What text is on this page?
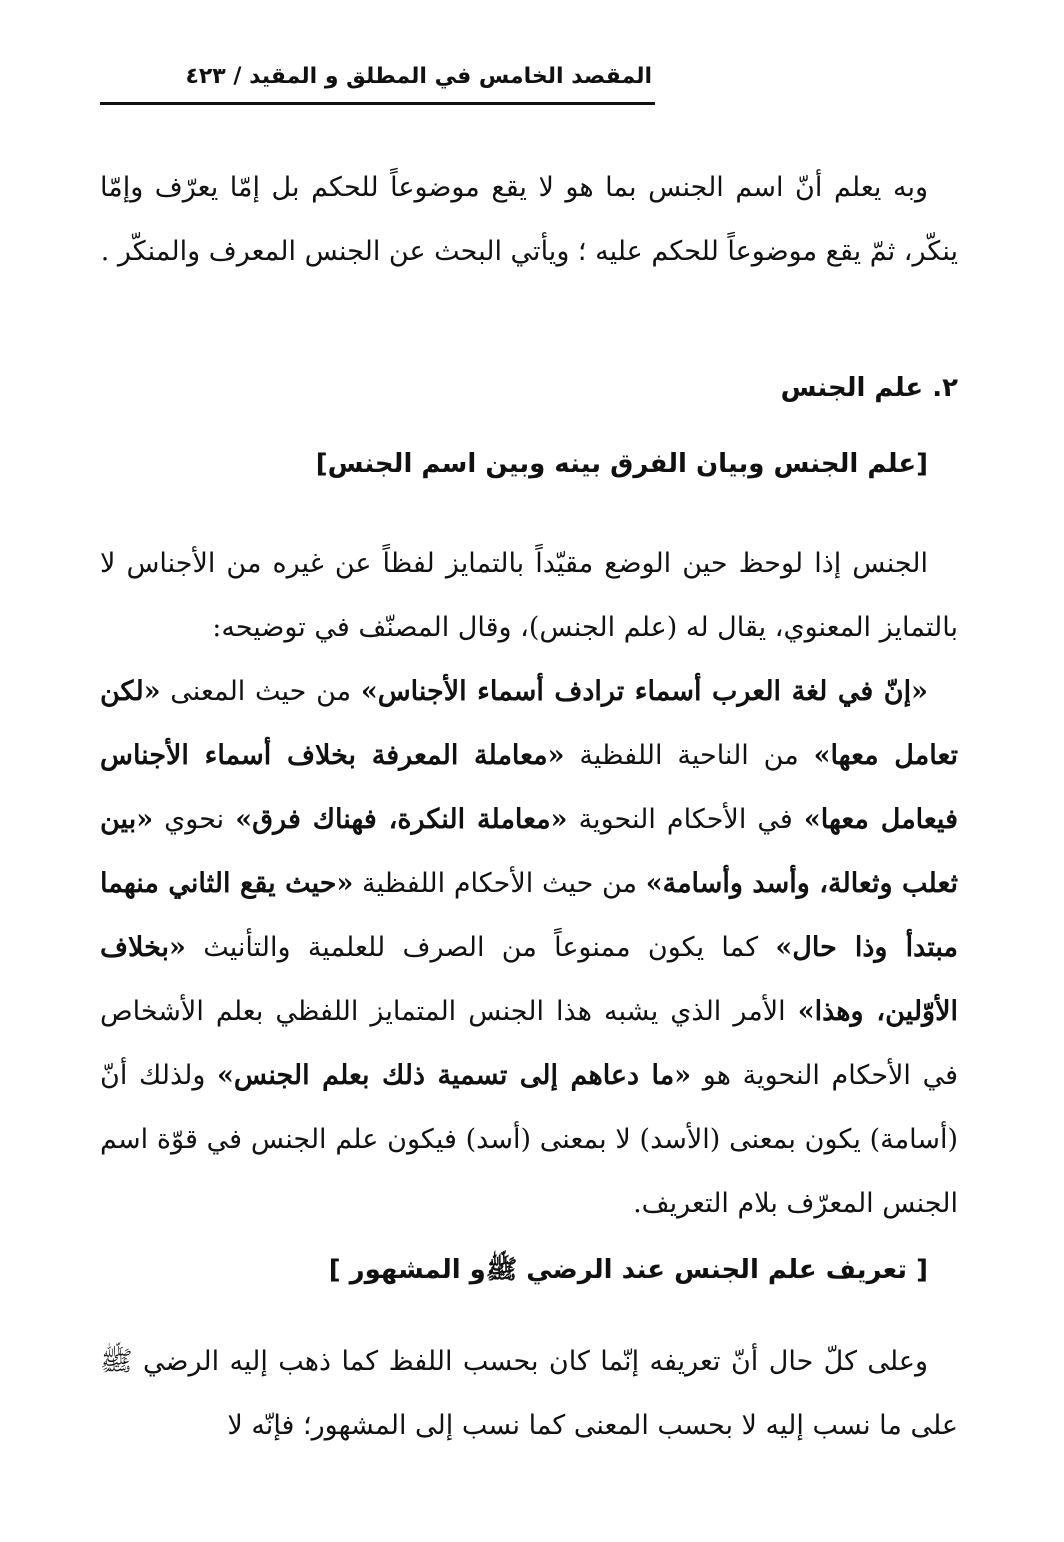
المقصد الخامس في المطلق و المقيد / ٤٢٣
وبه يعلم أنّ اسم الجنس بما هو لا يقع موضوعاً للحكم بل إمّا يعرّف وإمّا ينكّر، ثمّ يقع موضوعاً للحكم عليه ؛ ويأتي البحث عن الجنس المعرف والمنكّر .
٢. علم الجنس
[علم الجنس وبيان الفرق بينه وبين اسم الجنس]
الجنس إذا لوحظ حين الوضع مقيّداً بالتمايز لفظاً عن غيره من الأجناس لا بالتمايز المعنوي، يقال له (علم الجنس)، وقال المصنّف في توضيحه:
«إنّ في لغة العرب أسماء ترادف أسماء الأجناس» من حيث المعنى «لكن تعامل معها» من الناحية اللفظية «معاملة المعرفة بخلاف أسماء الأجناس فيعامل معها» في الأحكام النحوية «معاملة النكرة، فهناك فرق» نحوي «بين ثعلب وثعالة، وأسد وأسامة» من حيث الأحكام اللفظية «حيث يقع الثاني منهما مبتدأ وذا حال» كما يكون ممنوعاً من الصرف للعلمية والتأنيث «بخلاف الأوّلين، وهذا» الأمر الذي يشبه هذا الجنس المتمايز اللفظي بعلم الأشخاص في الأحكام النحوية هو «ما دعاهم إلى تسمية ذلك بعلم الجنس» ولذلك أنّ (أسامة) يكون بمعنى (الأسد) لا بمعنى (أسد) فيكون علم الجنس في قوّة اسم الجنس المعرّف بلام التعريف.
[ تعريف علم الجنس عند الرضي ﷺو المشهور ]
وعلى كلّ حال أنّ تعريفه إنّما كان بحسب اللفظ كما ذهب إليه الرضي ﷺ على ما نسب إليه لا بحسب المعنى كما نسب إلى المشهور؛ فإنّه لا
